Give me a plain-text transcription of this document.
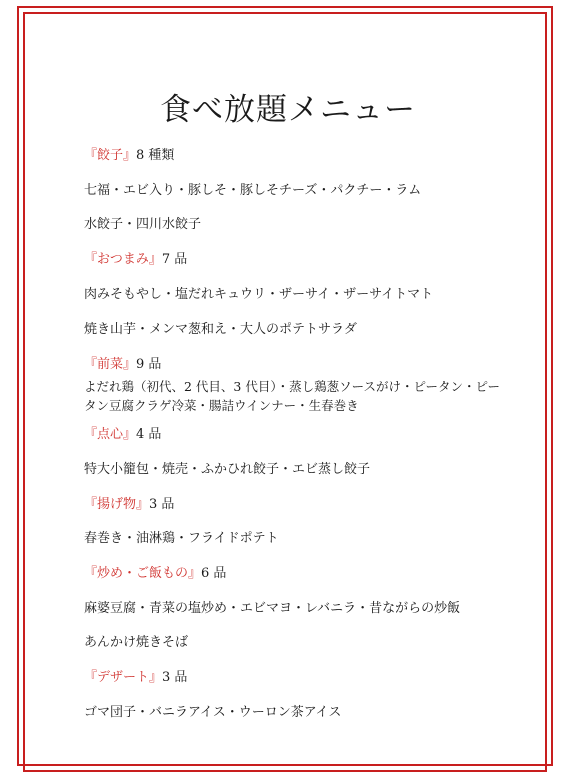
食べ放題メニュー
『餃子』8 種類
七福・エビ入り・豚しそ・豚しそチーズ・パクチー・ラム
水餃子・四川水餃子
『おつまみ』7 品
肉みそもやし・塩だれキュウリ・ザーサイ・ザーサイトマト
焼き山芋・メンマ葱和え・大人のポテトサラダ
『前菜』9 品
よだれ鶏（初代、2 代目、3 代目）・蒸し鶏葱ソースがけ・ピータン・ピー
タン豆腐クラゲ冷菜・腸詰ウインナー・生春巻き
『点心』4 品
特大小籠包・焼売・ふかひれ餃子・エビ蒸し餃子
『揚げ物』3 品
春巻き・油淋鶏・フライドポテト
『炒め・ご飯もの』6 品
麻婆豆腐・青菜の塩炒め・エビマヨ・レバニラ・昔ながらの炒飯
あんかけ焼きそば
『デザート』3 品
ゴマ団子・バニラアイス・ウーロン茶アイス
